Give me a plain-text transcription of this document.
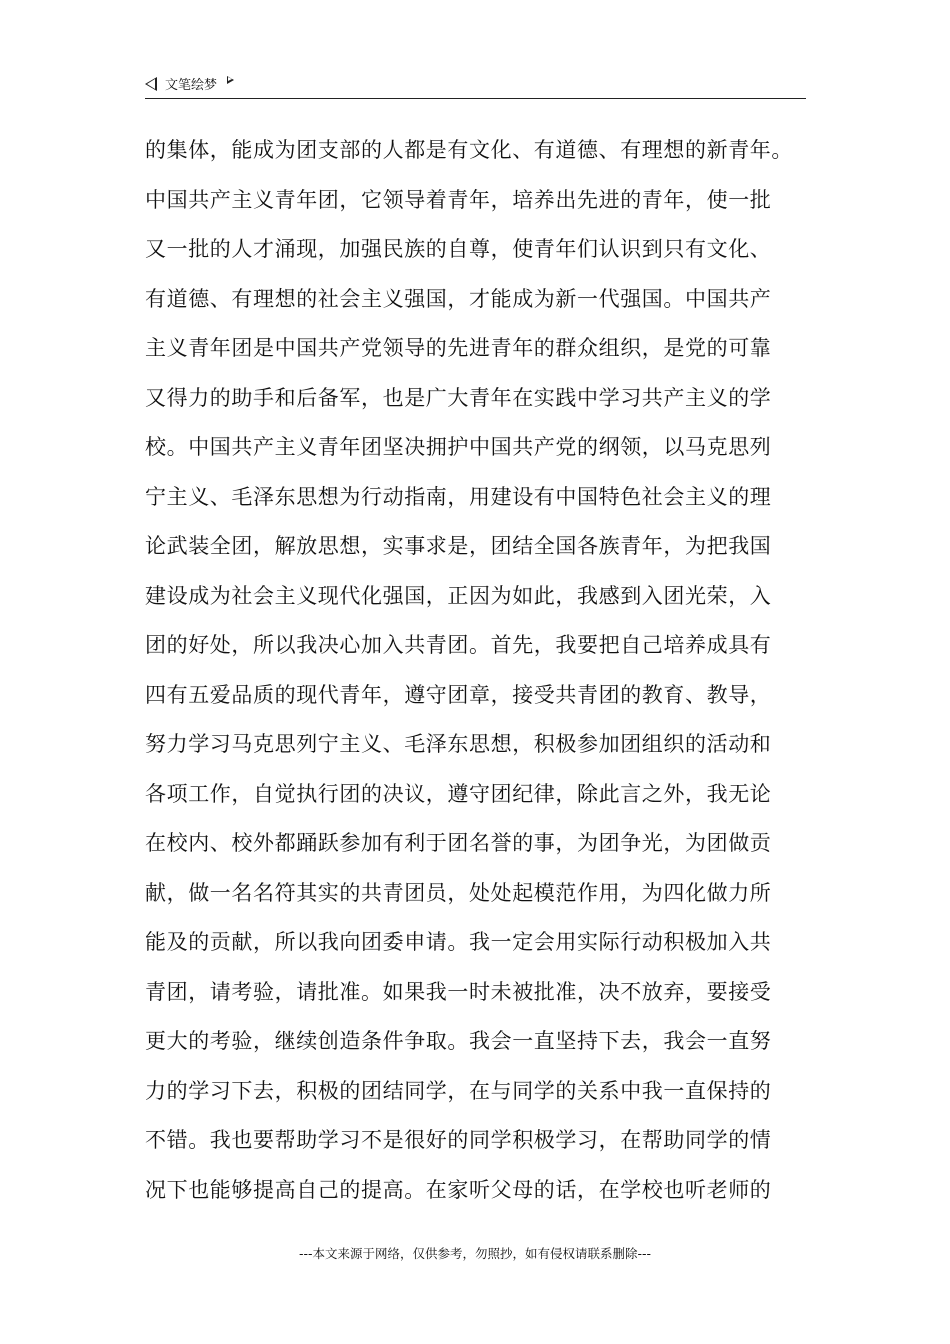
文笔绘梦
的集体，能成为团支部的人都是有文化、有道德、有理想的新青年。
中国共产主义青年团，它领导着青年，培养出先进的青年，使一批
又一批的人才涌现，加强民族的自尊，使青年们认识到只有文化、
有道德、有理想的社会主义强国，才能成为新一代强国。中国共产
主义青年团是中国共产党领导的先进青年的群众组织，是党的可靠
又得力的助手和后备军，也是广大青年在实践中学习共产主义的学
校。中国共产主义青年团坚决拥护中国共产党的纲领，以马克思列
宁主义、毛泽东思想为行动指南，用建设有中国特色社会主义的理
论武装全团，解放思想，实事求是，团结全国各族青年，为把我国
建设成为社会主义现代化强国，正因为如此，我感到入团光荣，入
团的好处，所以我决心加入共青团。首先，我要把自己培养成具有
四有五爱品质的现代青年，遵守团章，接受共青团的教育、教导，
努力学习马克思列宁主义、毛泽东思想，积极参加团组织的活动和
各项工作，自觉执行团的决议，遵守团纪律，除此言之外，我无论
在校内、校外都踊跃参加有利于团名誉的事，为团争光，为团做贡
献，做一名名符其实的共青团员，处处起模范作用，为四化做力所
能及的贡献，所以我向团委申请。我一定会用实际行动积极加入共
青团，请考验，请批准。如果我一时未被批准，决不放弃，要接受
更大的考验，继续创造条件争取。我会一直坚持下去，我会一直努
力的学习下去，积极的团结同学，在与同学的关系中我一直保持的
不错。我也要帮助学习不是很好的同学积极学习，在帮助同学的情
况下也能够提高自己的提高。在家听父母的话，在学校也听老师的
---本文来源于网络，仅供参考，勿照抄，如有侵权请联系删除---
